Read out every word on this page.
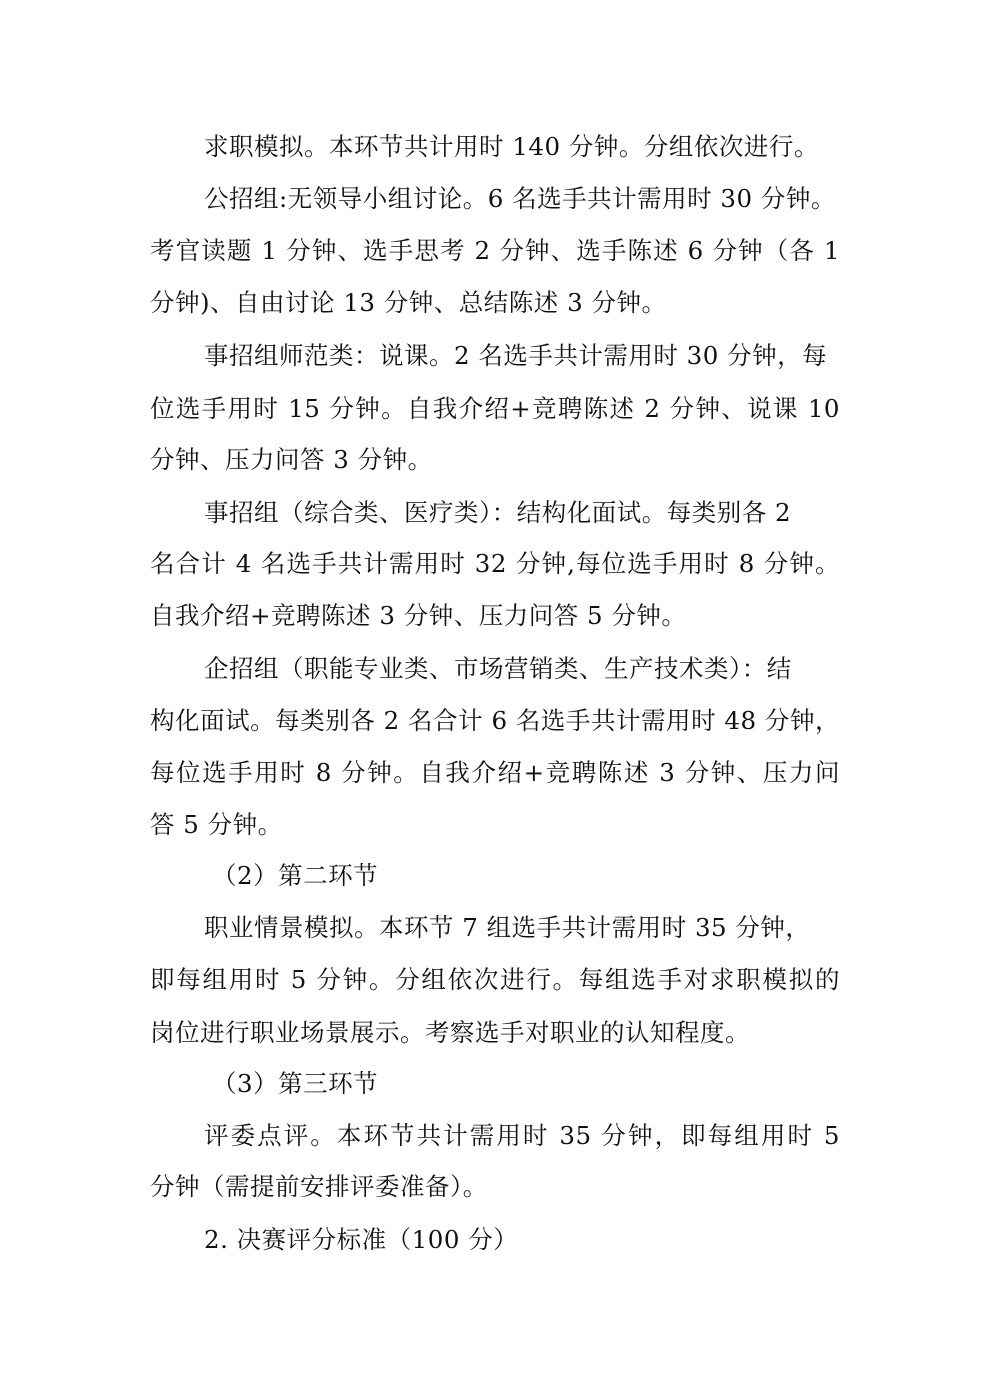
求职模拟。本环节共计用时 140 分钟。分组依次进行。
公招组:无领导小组讨论。6 名选手共计需用时 30 分钟。
考官读题 1 分钟、选手思考 2 分钟、选手陈述 6 分钟（各 1
分钟)、自由讨论 13 分钟、总结陈述 3 分钟。
事招组师范类：说课。2 名选手共计需用时 30 分钟，每
位选手用时 15 分钟。自我介绍+竞聘陈述 2 分钟、说课 10
分钟、压力问答 3 分钟。
事招组（综合类、医疗类）：结构化面试。每类别各 2
名合计 4 名选手共计需用时 32 分钟,每位选手用时 8 分钟。
自我介绍+竞聘陈述 3 分钟、压力问答 5 分钟。
企招组（职能专业类、市场营销类、生产技术类）：结
构化面试。每类别各 2 名合计 6 名选手共计需用时 48 分钟，
每位选手用时 8 分钟。自我介绍+竞聘陈述 3 分钟、压力问
答 5 分钟。
（2）第二环节
职业情景模拟。本环节 7 组选手共计需用时 35 分钟，
即每组用时 5 分钟。分组依次进行。每组选手对求职模拟的
岗位进行职业场景展示。考察选手对职业的认知程度。
（3）第三环节
评委点评。本环节共计需用时 35 分钟，即每组用时 5
分钟（需提前安排评委准备）。
2. 决赛评分标准（100 分）
